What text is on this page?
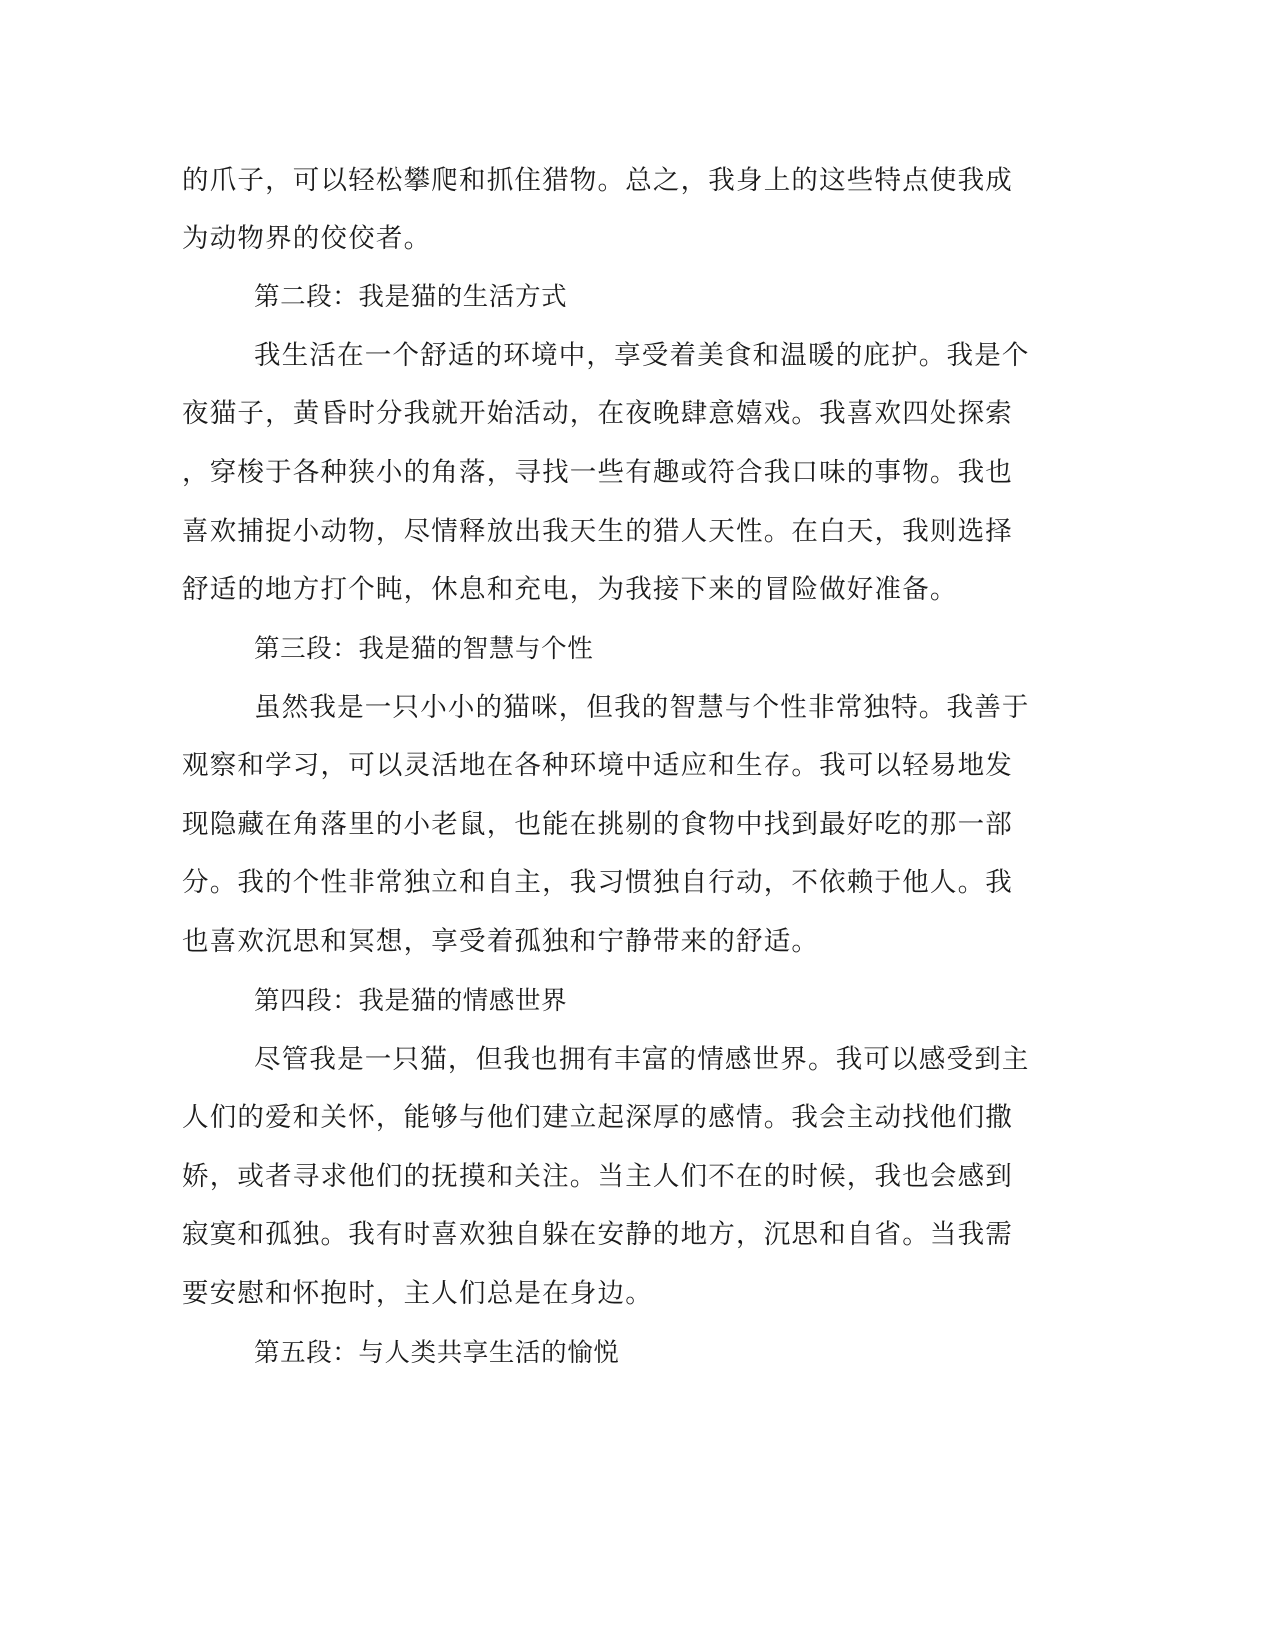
的爪子，可以轻松攀爬和抓住猎物。总之，我身上的这些特点使我成
为动物界的佼佼者。
第二段：我是猫的生活方式
我生活在一个舒适的环境中，享受着美食和温暖的庇护。我是个
夜猫子，黄昏时分我就开始活动，在夜晚肆意嬉戏。我喜欢四处探索
，穿梭于各种狭小的角落，寻找一些有趣或符合我口味的事物。我也
喜欢捕捉小动物，尽情释放出我天生的猎人天性。在白天，我则选择
舒适的地方打个盹，休息和充电，为我接下来的冒险做好准备。
第三段：我是猫的智慧与个性
虽然我是一只小小的猫咪，但我的智慧与个性非常独特。我善于
观察和学习，可以灵活地在各种环境中适应和生存。我可以轻易地发
现隐藏在角落里的小老鼠，也能在挑剔的食物中找到最好吃的那一部
分。我的个性非常独立和自主，我习惯独自行动，不依赖于他人。我
也喜欢沉思和冥想，享受着孤独和宁静带来的舒适。
第四段：我是猫的情感世界
尽管我是一只猫，但我也拥有丰富的情感世界。我可以感受到主
人们的爱和关怀，能够与他们建立起深厚的感情。我会主动找他们撒
娇，或者寻求他们的抚摸和关注。当主人们不在的时候，我也会感到
寂寞和孤独。我有时喜欢独自躲在安静的地方，沉思和自省。当我需
要安慰和怀抱时，主人们总是在身边。
第五段：与人类共享生活的愉悦
